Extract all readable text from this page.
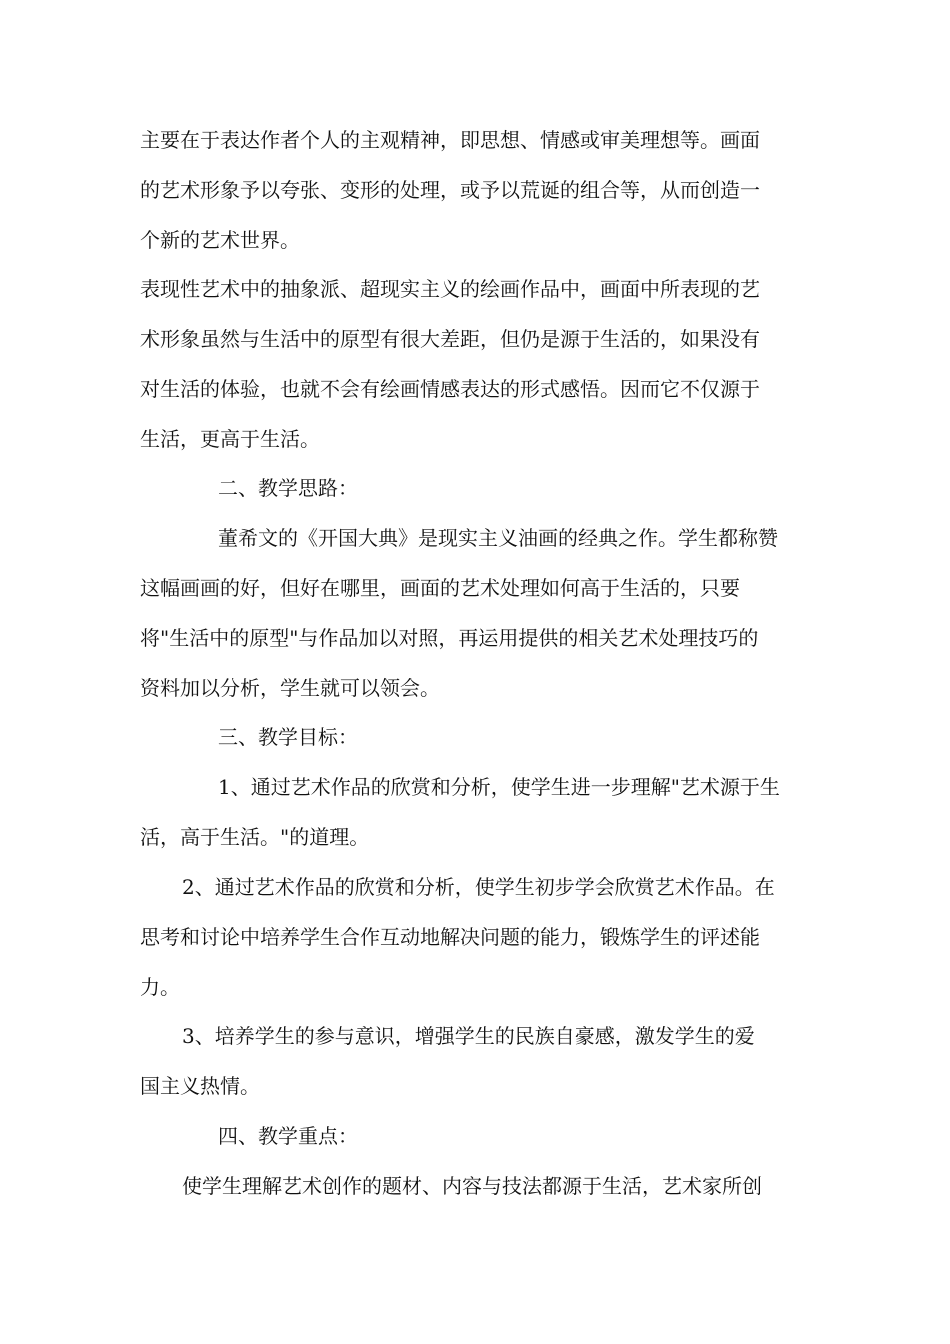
主要在于表达作者个人的主观精神，即思想、情感或审美理想等。画面

的艺术形象予以夸张、变形的处理，或予以荒诞的组合等，从而创造一

个新的艺术世界。

表现性艺术中的抽象派、超现实主义的绘画作品中，画面中所表现的艺

术形象虽然与生活中的原型有很大差距，但仍是源于生活的，如果没有

对生活的体验，也就不会有绘画情感表达的形式感悟。因而它不仅源于

生活，更高于生活。

二、教学思路：

董希文的《开国大典》是现实主义油画的经典之作。学生都称赞

这幅画画的好，但好在哪里，画面的艺术处理如何高于生活的，只要

将"生活中的原型"与作品加以对照，再运用提供的相关艺术处理技巧的

资料加以分析，学生就可以领会。

三、教学目标：

1、通过艺术作品的欣赏和分析，使学生进一步理解"艺术源于生

活，高于生活。"的道理。

2、通过艺术作品的欣赏和分析，使学生初步学会欣赏艺术作品。在

思考和讨论中培养学生合作互动地解决问题的能力，锻炼学生的评述能

力。

3、培养学生的参与意识，增强学生的民族自豪感，激发学生的爱

国主义热情。

四、教学重点：

使学生理解艺术创作的题材、内容与技法都源于生活，艺术家所创
